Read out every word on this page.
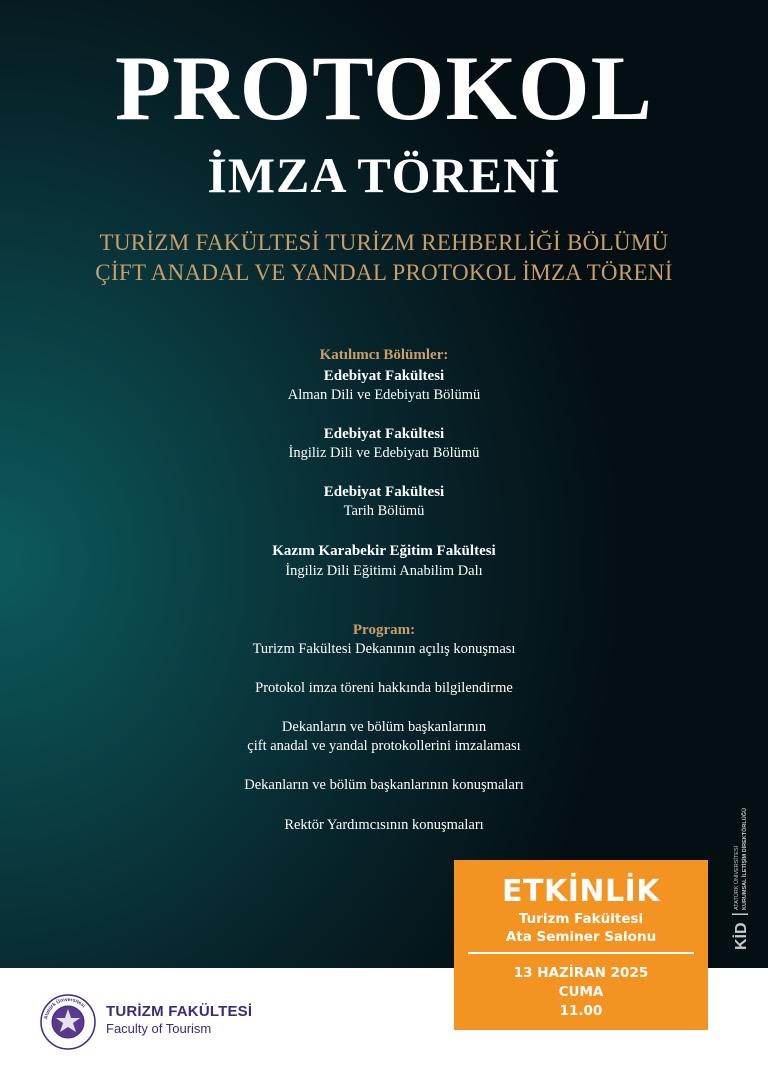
PROTOKOL
İMZA TÖRENİ
TURİZM FAKÜLTESİ TURİZM REHBERLİĞİ BÖLÜMÜ
ÇİFT ANADAL VE YANDAL PROTOKOL İMZA TÖRENİ
Katılımcı Bölümler:
Edebiyat Fakültesi
Alman Dili ve Edebiyatı Bölümü
Edebiyat Fakültesi
İngiliz Dili ve Edebiyatı Bölümü
Edebiyat Fakültesi
Tarih Bölümü
Kazım Karabekir Eğitim Fakültesi
İngiliz Dili Eğitimi Anabilim Dalı
Program:
Turizm Fakültesi Dekanının açılış konuşması
Protokol imza töreni hakkında bilgilendirme
Dekanların ve bölüm başkanlarının
çift anadal ve yandal protokollerini imzalaması
Dekanların ve bölüm başkanlarının konuşmaları
Rektör Yardımcısının konuşmaları
KİD
ATATÜRK ÜNİVERSİTESİ KURUMSAL İLETİŞİM DİREKTÖRLÜĞÜ
Atatürk Üniversitesi TURİZM FAKÜLTESİ
Faculty of Tourism
ETKİNLİK
Turizm Fakültesi
Ata Seminer Salonu
13 HAZİRAN 2025
CUMA
11.00
